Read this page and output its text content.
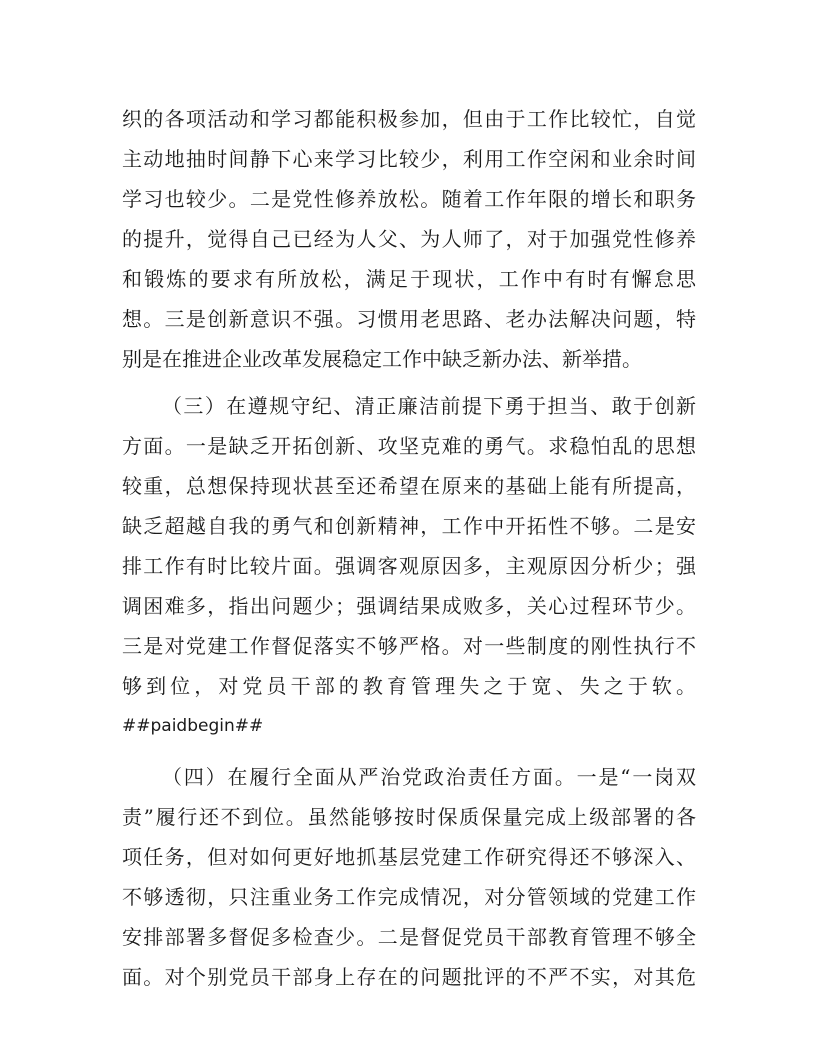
织的各项活动和学习都能积极参加，但由于工作比较忙，自觉
主动地抽时间静下心来学习比较少，利用工作空闲和业余时间
学习也较少。二是党性修养放松。随着工作年限的增长和职务
的提升，觉得自己已经为人父、为人师了，对于加强党性修养
和锻炼的要求有所放松，满足于现状，工作中有时有懈怠思
想。三是创新意识不强。习惯用老思路、老办法解决问题，特
别是在推进企业改革发展稳定工作中缺乏新办法、新举措。
（三）在遵规守纪、清正廉洁前提下勇于担当、敢于创新
方面。一是缺乏开拓创新、攻坚克难的勇气。求稳怕乱的思想
较重，总想保持现状甚至还希望在原来的基础上能有所提高，
缺乏超越自我的勇气和创新精神，工作中开拓性不够。二是安
排工作有时比较片面。强调客观原因多，主观原因分析少；强
调困难多，指出问题少；强调结果成败多，关心过程环节少。
三是对党建工作督促落实不够严格。对一些制度的刚性执行不
够到位，对党员干部的教育管理失之于宽、失之于软。
##paidbegin##
（四）在履行全面从严治党政治责任方面。一是“一岗双
责”履行还不到位。虽然能够按时保质保量完成上级部署的各
项任务，但对如何更好地抓基层党建工作研究得还不够深入、
不够透彻，只注重业务工作完成情况，对分管领域的党建工作
安排部署多督促多检查少。二是督促党员干部教育管理不够全
面。对个别党员干部身上存在的问题批评的不严不实，对其危
